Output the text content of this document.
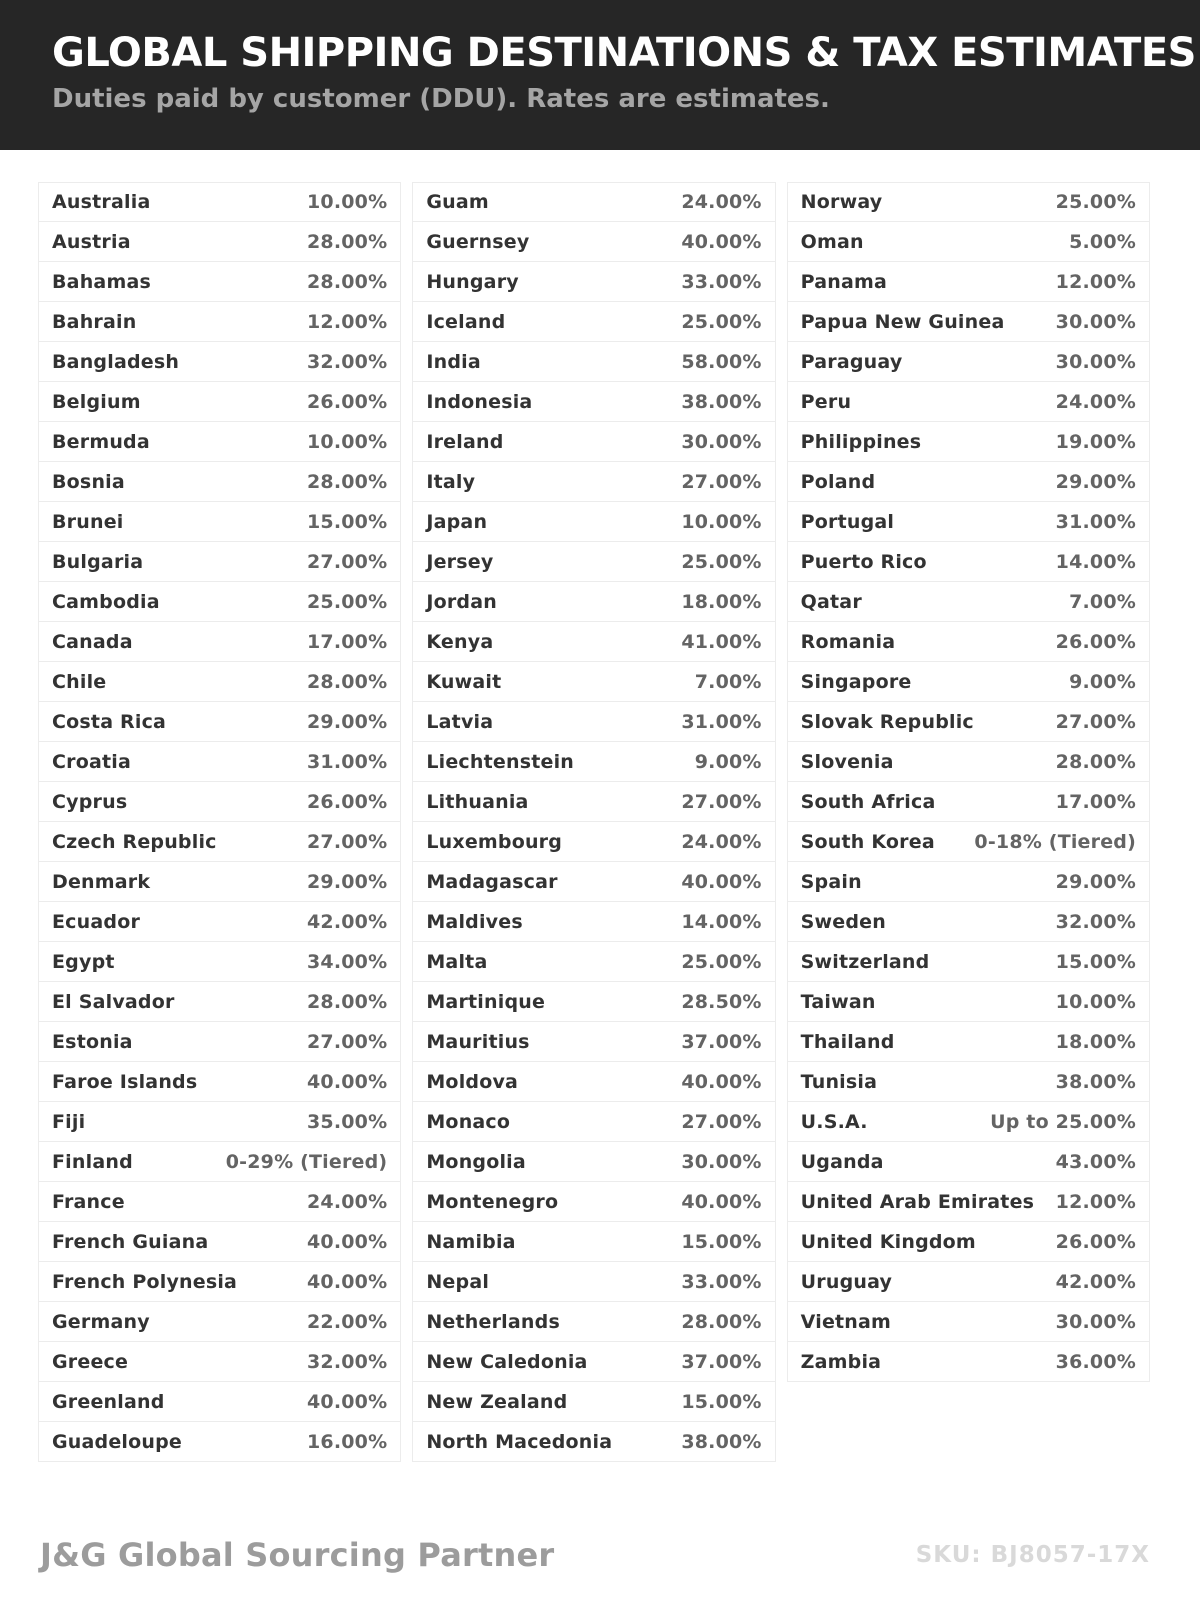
GLOBAL SHIPPING DESTINATIONS & TAX ESTIMATES
Duties paid by customer (DDU). Rates are estimates.
Australia	10.00%
Austria	28.00%
Bahamas	28.00%
Bahrain	12.00%
Bangladesh	32.00%
Belgium	26.00%
Bermuda	10.00%
Bosnia	28.00%
Brunei	15.00%
Bulgaria	27.00%
Cambodia	25.00%
Canada	17.00%
Chile	28.00%
Costa Rica	29.00%
Croatia	31.00%
Cyprus	26.00%
Czech Republic	27.00%
Denmark	29.00%
Ecuador	42.00%
Egypt	34.00%
El Salvador	28.00%
Estonia	27.00%
Faroe Islands	40.00%
Fiji	35.00%
Finland	0-29% (Tiered)
France	24.00%
French Guiana	40.00%
French Polynesia	40.00%
Germany	22.00%
Greece	32.00%
Greenland	40.00%
Guadeloupe	16.00%
Guam	24.00%
Guernsey	40.00%
Hungary	33.00%
Iceland	25.00%
India	58.00%
Indonesia	38.00%
Ireland	30.00%
Italy	27.00%
Japan	10.00%
Jersey	25.00%
Jordan	18.00%
Kenya	41.00%
Kuwait	7.00%
Latvia	31.00%
Liechtenstein	9.00%
Lithuania	27.00%
Luxembourg	24.00%
Madagascar	40.00%
Maldives	14.00%
Malta	25.00%
Martinique	28.50%
Mauritius	37.00%
Moldova	40.00%
Monaco	27.00%
Mongolia	30.00%
Montenegro	40.00%
Namibia	15.00%
Nepal	33.00%
Netherlands	28.00%
New Caledonia	37.00%
New Zealand	15.00%
North Macedonia	38.00%
Norway	25.00%
Oman	5.00%
Panama	12.00%
Papua New Guinea	30.00%
Paraguay	30.00%
Peru	24.00%
Philippines	19.00%
Poland	29.00%
Portugal	31.00%
Puerto Rico	14.00%
Qatar	7.00%
Romania	26.00%
Singapore	9.00%
Slovak Republic	27.00%
Slovenia	28.00%
South Africa	17.00%
South Korea 0-18% (Tiered)
Spain	29.00%
Sweden	32.00%
Switzerland	15.00%
Taiwan	10.00%
Thailand	18.00%
Tunisia	38.00%
U.S.A.	Up to 25.00%
Uganda	43.00%
United Arab Emirates 12.00%
United Kingdom	26.00%
Uruguay	42.00%
Vietnam	30.00%
Zambia	36.00%
J&G Global Sourcing Partner	SKU: BJ8057-17X
